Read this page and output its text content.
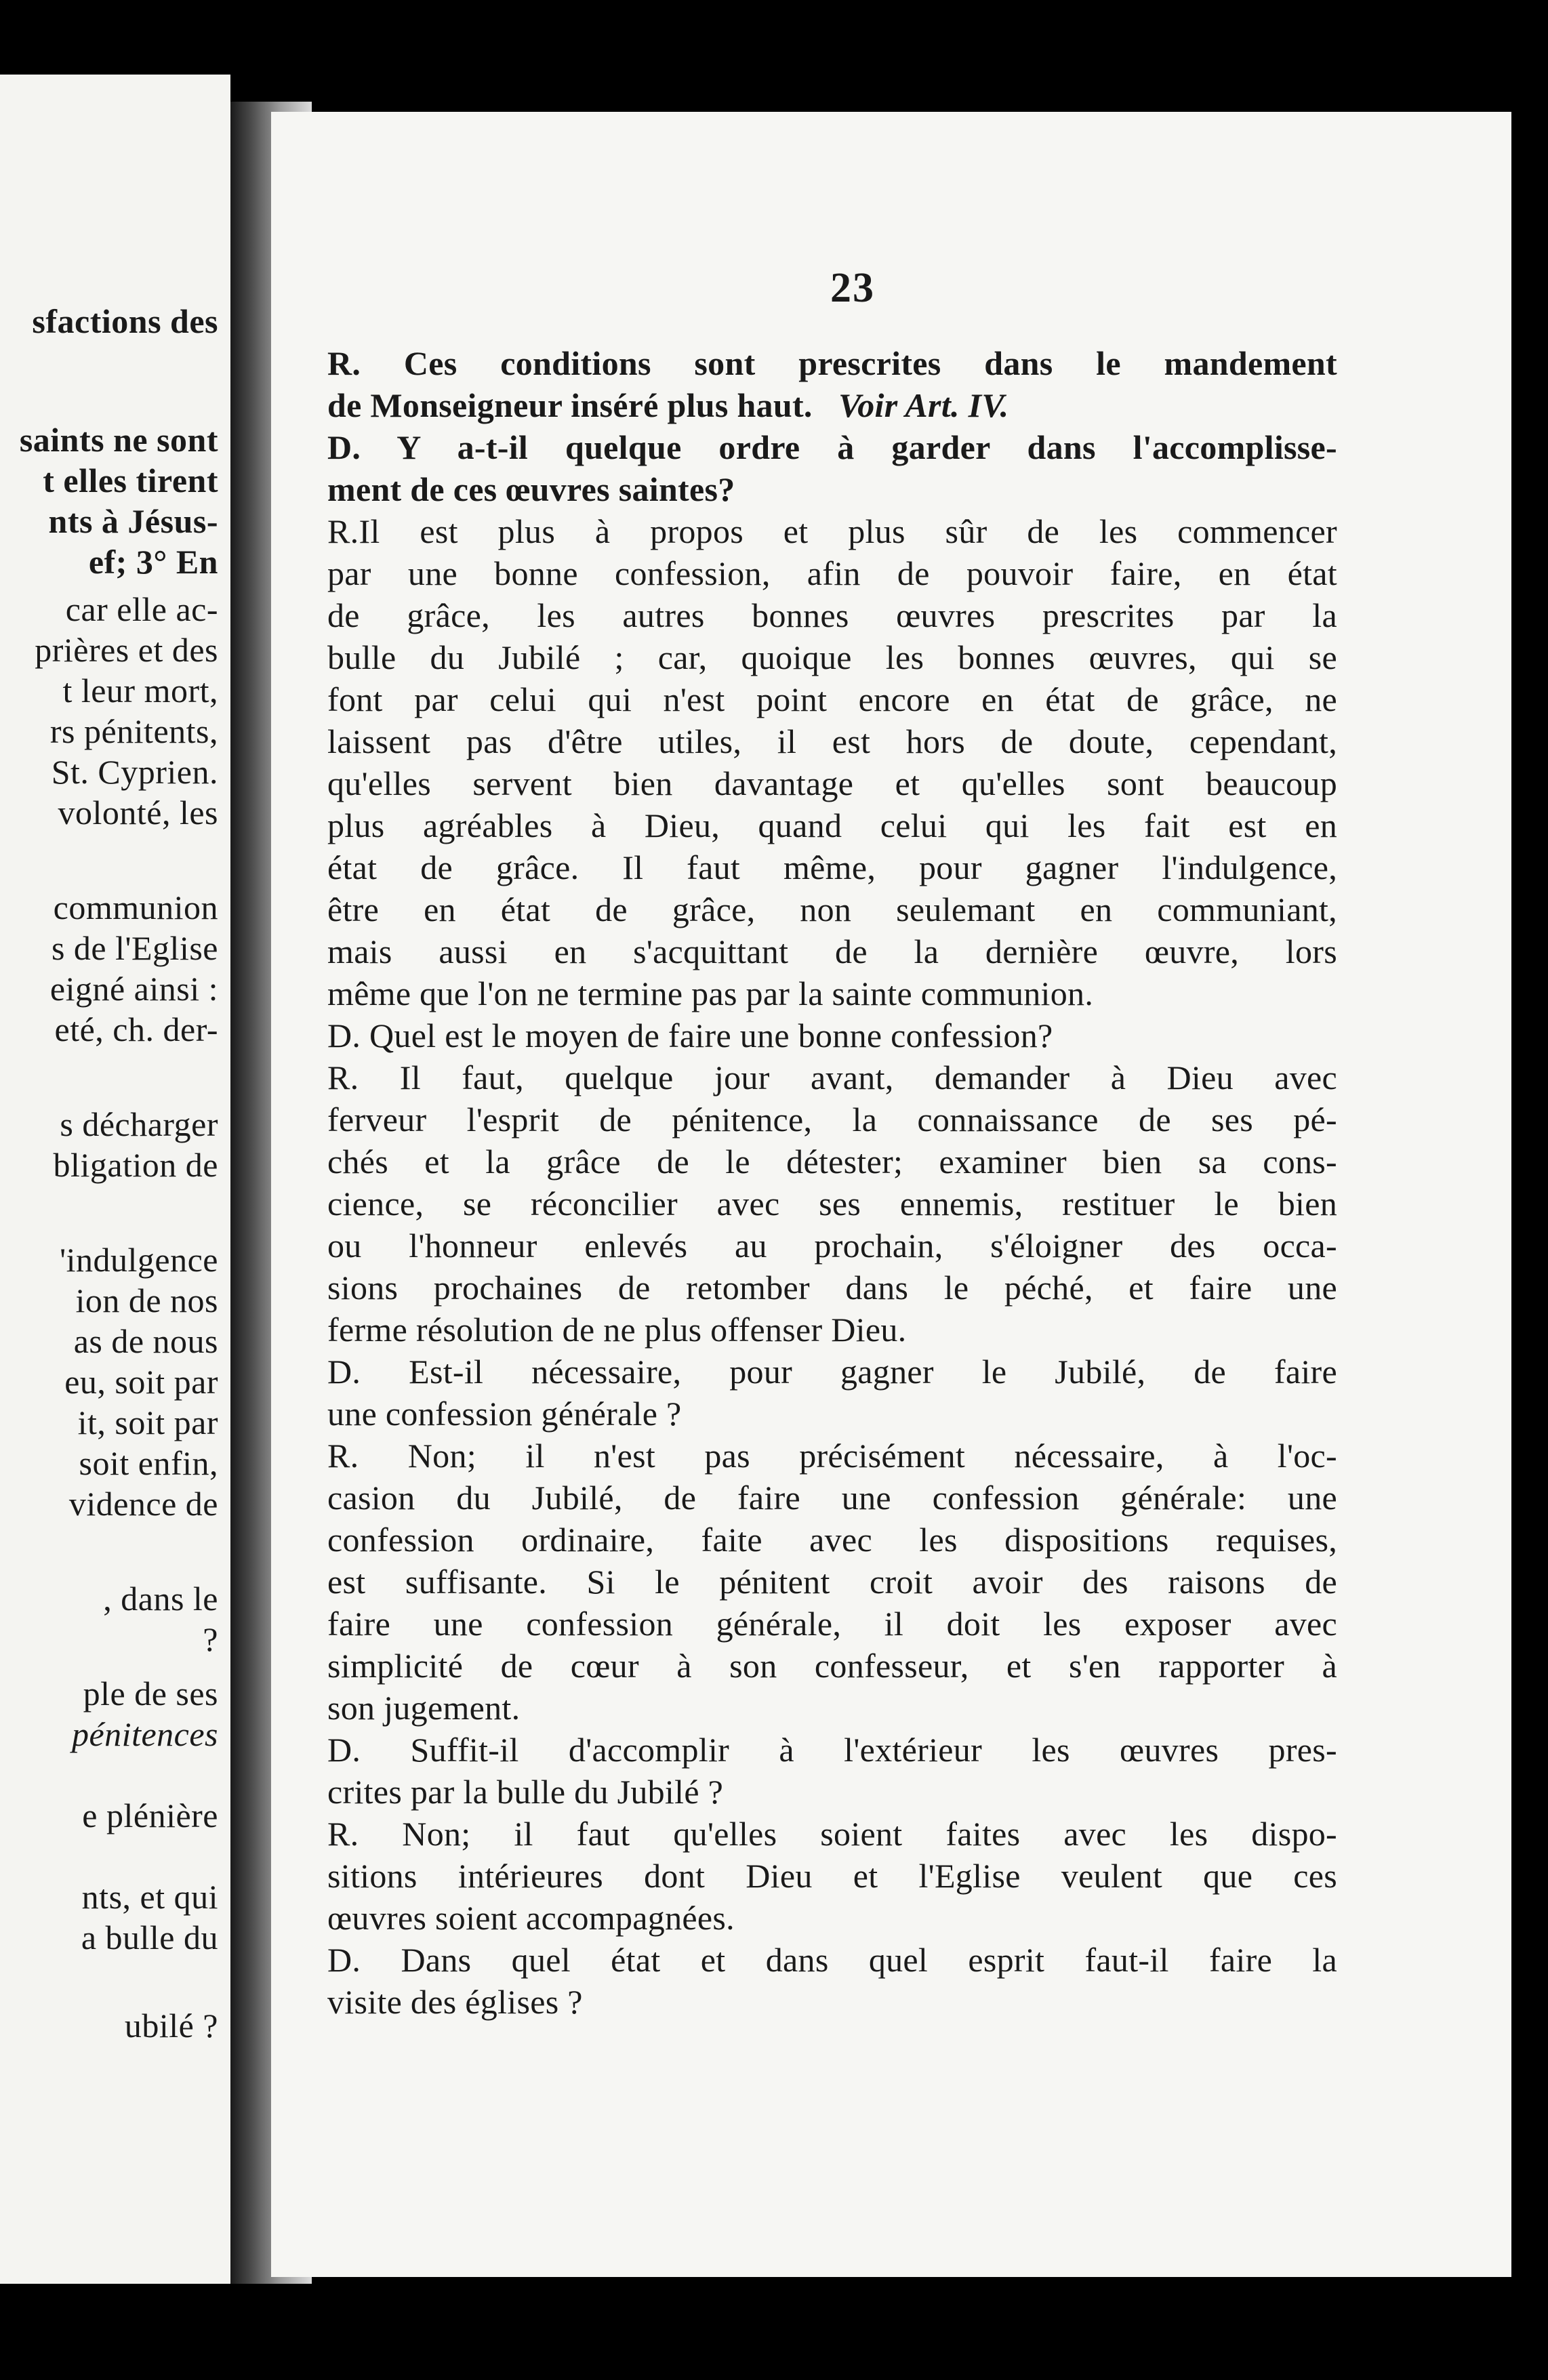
sfactions des
saints ne sont
t elles tirent
nts à Jésus-
ef; 3° En
car elle ac-
prières et des
t leur mort,
rs pénitents,
St. Cyprien.
volonté, les
communion
s de l'Eglise
eigné ainsi :
eté, ch. der-
s décharger
bligation de
'indulgence
ion de nos
as de nous
eu, soit par
it, soit par
soit enfin,
vidence de
, dans le
?
ple de ses
pénitences
e plénière
nts, et qui
a bulle du
ubilé ?
23
R. Ces conditions sont prescrites dans le mandement
de Monseigneur inséré plus haut. Voir Art. IV.
D. Y a-t-il quelque ordre à garder dans l'accomplisse-
ment de ces œuvres saintes?
R.Il est plus à propos et plus sûr de les commencer
par une bonne confession, afin de pouvoir faire, en état
de grâce, les autres bonnes œuvres prescrites par la
bulle du Jubilé ; car, quoique les bonnes œuvres, qui se
font par celui qui n'est point encore en état de grâce, ne
laissent pas d'être utiles, il est hors de doute, cependant,
qu'elles servent bien davantage et qu'elles sont beaucoup
plus agréables à Dieu, quand celui qui les fait est en
état de grâce. Il faut même, pour gagner l'indulgence,
être en état de grâce, non seulemant en communiant,
mais aussi en s'acquittant de la dernière œuvre, lors
même que l'on ne termine pas par la sainte communion.
D. Quel est le moyen de faire une bonne confession?
R. Il faut, quelque jour avant, demander à Dieu avec
ferveur l'esprit de pénitence, la connaissance de ses pé-
chés et la grâce de le détester; examiner bien sa cons-
cience, se réconcilier avec ses ennemis, restituer le bien
ou l'honneur enlevés au prochain, s'éloigner des occa-
sions prochaines de retomber dans le péché, et faire une
ferme résolution de ne plus offenser Dieu.
D. Est-il nécessaire, pour gagner le Jubilé, de faire
une confession générale ?
R. Non; il n'est pas précisément nécessaire, à l'oc-
casion du Jubilé, de faire une confession générale: une
confession ordinaire, faite avec les dispositions requises,
est suffisante. Si le pénitent croit avoir des raisons de
faire une confession générale, il doit les exposer avec
simplicité de cœur à son confesseur, et s'en rapporter à
son jugement.
D. Suffit-il d'accomplir à l'extérieur les œuvres pres-
crites par la bulle du Jubilé ?
R. Non; il faut qu'elles soient faites avec les dispo-
sitions intérieures dont Dieu et l'Eglise veulent que ces
œuvres soient accompagnées.
D. Dans quel état et dans quel esprit faut-il faire la
visite des églises ?
